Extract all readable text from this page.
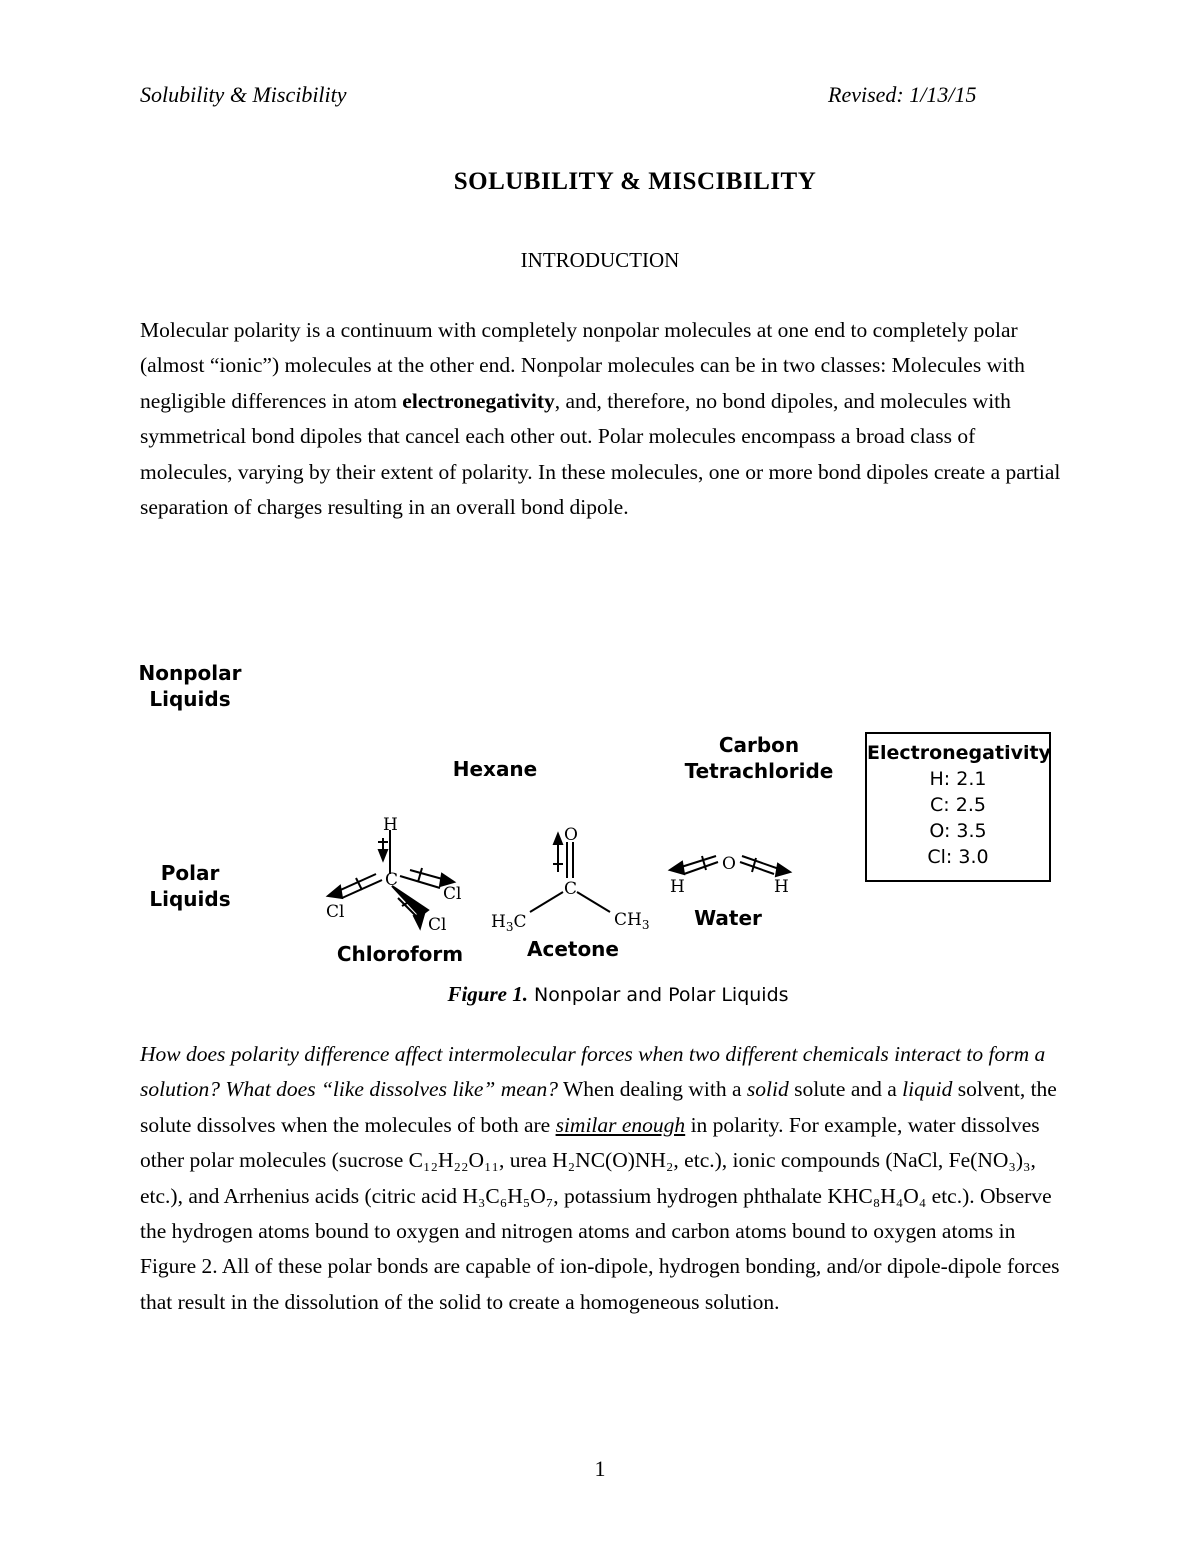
Solubility & Miscibility	Revised: 1/13/15
SOLUBILITY & MISCIBILITY
INTRODUCTION
Molecular polarity is a continuum with completely nonpolar molecules at one end to completely polar (almost “ionic”) molecules at the other end. Nonpolar molecules can be in two classes: Molecules with negligible differences in atom electronegativity, and, therefore, no bond dipoles, and molecules with symmetrical bond dipoles that cancel each other out. Polar molecules encompass a broad class of molecules, varying by their extent of polarity. In these molecules, one or more bond dipoles create a partial separation of charges resulting in an overall bond dipole.
H
C
Cl
Cl
Cl
O
C
$H_3C$	$CH_3$
O
H	H
Nonpolar
Liquids
Polar
Liquids
Hexane
Carbon
Tetrachloride
Chloroform	Acetone
Water
Electronegativity
H: 2.1
C: 2.5
O: 3.5
Cl: 3.0
Figure 1. Nonpolar and Polar Liquids
How does polarity difference affect intermolecular forces when two different chemicals interact to form a solution? What does “like dissolves like” mean? When dealing with a solid solute and a liquid solvent, the solute dissolves when the molecules of both are similar enough in polarity. For example, water dissolves other polar molecules (sucrose C₁₂H₂₂O₁₁, urea H₂NC(O)NH₂, etc.), ionic compounds (NaCl, Fe(NO₃)₃, etc.), and Arrhenius acids (citric acid H₃C₆H₅O₇, potassium hydrogen phthalate KHC₈H₄O₄ etc.). Observe the hydrogen atoms bound to oxygen and nitrogen atoms and carbon atoms bound to oxygen atoms in Figure 2. All of these polar bonds are capable of ion-dipole, hydrogen bonding, and/or dipole-dipole forces that result in the dissolution of the solid to create a homogeneous solution.
1
